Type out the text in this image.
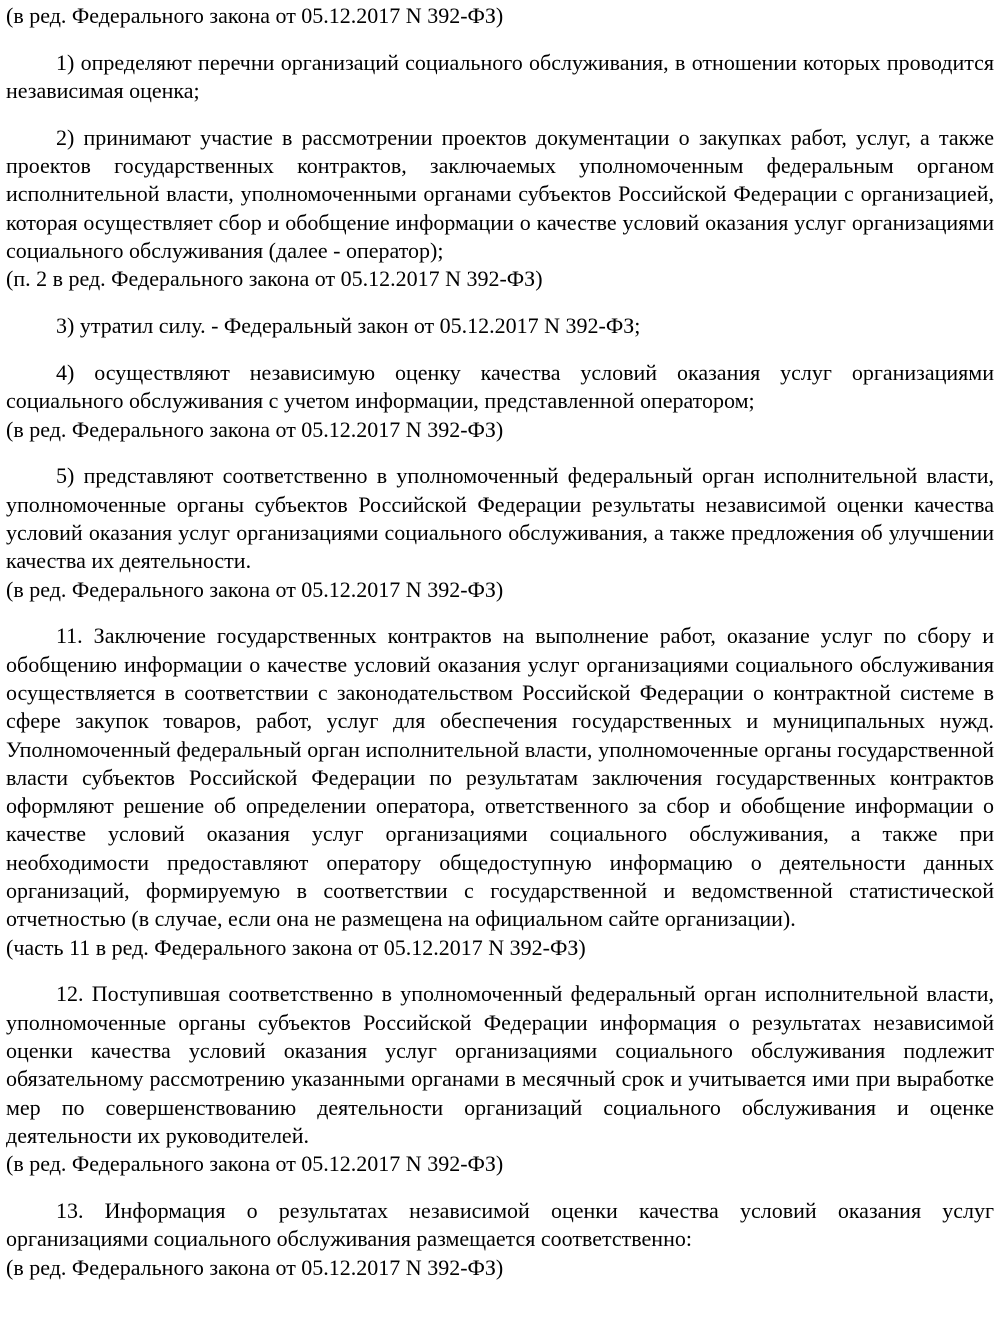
(в ред. Федерального закона от 05.12.2017 N 392-ФЗ)

1) определяют перечни организаций социального обслуживания, в отношении которых проводится независимая оценка;

2) принимают участие в рассмотрении проектов документации о закупках работ, услуг, а также проектов государственных контрактов, заключаемых уполномоченным федеральным органом исполнительной власти, уполномоченными органами субъектов Российской Федерации с организацией, которая осуществляет сбор и обобщение информации о качестве условий оказания услуг организациями социального обслуживания (далее - оператор);

(п. 2 в ред. Федерального закона от 05.12.2017 N 392-ФЗ)

3) утратил силу. - Федеральный закон от 05.12.2017 N 392-ФЗ;

4) осуществляют независимую оценку качества условий оказания услуг организациями социального обслуживания с учетом информации, представленной оператором;

(в ред. Федерального закона от 05.12.2017 N 392-ФЗ)

5) представляют соответственно в уполномоченный федеральный орган исполнительной власти, уполномоченные органы субъектов Российской Федерации результаты независимой оценки качества условий оказания услуг организациями социального обслуживания, а также предложения об улучшении качества их деятельности.

(в ред. Федерального закона от 05.12.2017 N 392-ФЗ)

11. Заключение государственных контрактов на выполнение работ, оказание услуг по сбору и обобщению информации о качестве условий оказания услуг организациями социального обслуживания осуществляется в соответствии с законодательством Российской Федерации о контрактной системе в сфере закупок товаров, работ, услуг для обеспечения государственных и муниципальных нужд. Уполномоченный федеральный орган исполнительной власти, уполномоченные органы государственной власти субъектов Российской Федерации по результатам заключения государственных контрактов оформляют решение об определении оператора, ответственного за сбор и обобщение информации о качестве условий оказания услуг организациями социального обслуживания, а также при необходимости предоставляют оператору общедоступную информацию о деятельности данных организаций, формируемую в соответствии с государственной и ведомственной статистической отчетностью (в случае, если она не размещена на официальном сайте организации).

(часть 11 в ред. Федерального закона от 05.12.2017 N 392-ФЗ)

12. Поступившая соответственно в уполномоченный федеральный орган исполнительной власти, уполномоченные органы субъектов Российской Федерации информация о результатах независимой оценки качества условий оказания услуг организациями социального обслуживания подлежит обязательному рассмотрению указанными органами в месячный срок и учитывается ими при выработке мер по совершенствованию деятельности организаций социального обслуживания и оценке деятельности их руководителей.

(в ред. Федерального закона от 05.12.2017 N 392-ФЗ)

13. Информация о результатах независимой оценки качества условий оказания услуг организациями социального обслуживания размещается соответственно:

(в ред. Федерального закона от 05.12.2017 N 392-ФЗ)
